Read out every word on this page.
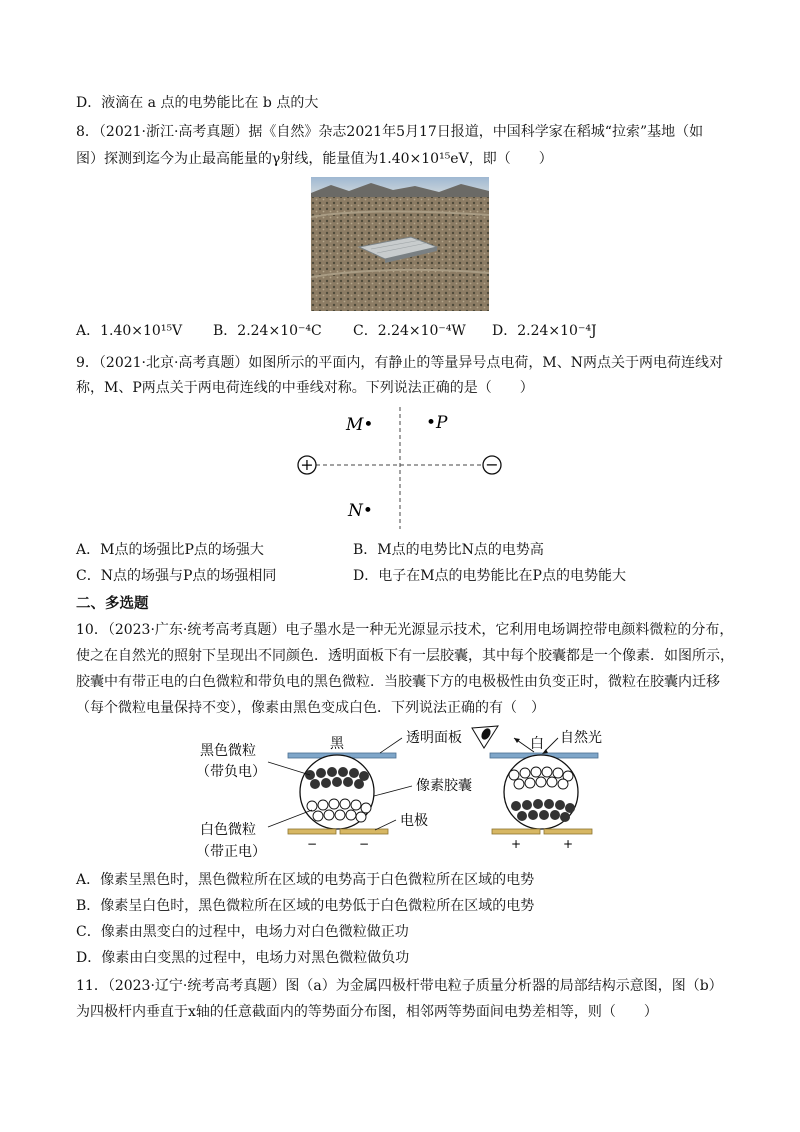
D．液滴在 a 点的电势能比在 b 点的大
8．（2021·浙江·高考真题）据《自然》杂志2021年5月17日报道，中国科学家在稻城“拉索”基地（如
图）探测到迄今为止最高能量的γ射线，能量值为1.40×10¹⁵eV，即（　　）
A．1.40×10¹⁵V B．2.24×10⁻⁴C C．2.24×10⁻⁴W D．2.24×10⁻⁴J
9．（2021·北京·高考真题）如图所示的平面内，有静止的等量异号点电荷，M、N两点关于两电荷连线对
称，M、P两点关于两电荷连线的中垂线对称。下列说法正确的是（　　）
+	−
M•	•P
N•
A．M点的场强比P点的场强大	B．M点的电势比N点的电势高
C．N点的场强与P点的场强相同	D．电子在M点的电势能比在P点的电势能大
二、多选题
10．（2023·广东·统考高考真题）电子墨水是一种无光源显示技术，它利用电场调控带电颜料微粒的分布，
使之在自然光的照射下呈现出不同颜色．透明面板下有一层胶囊，其中每个胶囊都是一个像素．如图所示，
胶囊中有带正电的白色微粒和带负电的黑色微粒．当胶囊下方的电极极性由负变正时，微粒在胶囊内迁移
（每个微粒电量保持不变），像素由黑色变成白色．下列说法正确的有（　）
−	−
黑	透明面板
黑色微粒
（带负电）
像素胶囊
电极
白色微粒
（带正电）	+	+
白 自然光
A．像素呈黑色时，黑色微粒所在区域的电势高于白色微粒所在区域的电势
B．像素呈白色时，黑色微粒所在区域的电势低于白色微粒所在区域的电势
C．像素由黑变白的过程中，电场力对白色微粒做正功
D．像素由白变黑的过程中，电场力对黑色微粒做负功
11．（2023·辽宁·统考高考真题）图（a）为金属四极杆带电粒子质量分析器的局部结构示意图，图（b）
为四极杆内垂直于x轴的任意截面内的等势面分布图，相邻两等势面间电势差相等，则（　　）
